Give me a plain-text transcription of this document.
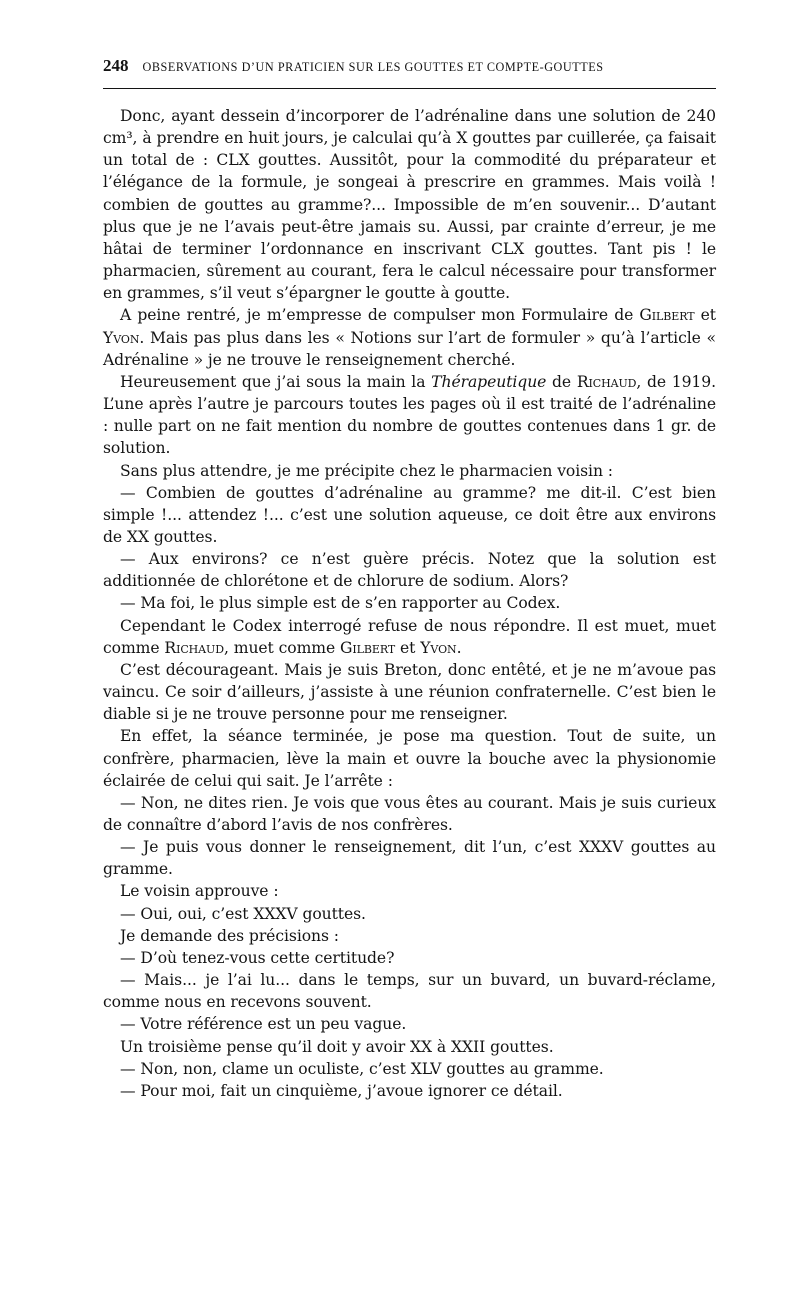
248 OBSERVATIONS D’UN PRATICIEN SUR LES GOUTTES ET COMPTE-GOUTTES

Donc, ayant dessein d’incorporer de l’adrénaline dans une solution de 240 cm³, à prendre en huit jours, je calculai qu’à X gouttes par cuillerée, ça faisait un total de : CLX gouttes. Aussitôt, pour la commodité du préparateur et l’élégance de la formule, je songeai à prescrire en grammes. Mais voilà ! combien de gouttes au gramme?... Impossible de m’en souvenir... D’autant plus que je ne l’avais peut-être jamais su. Aussi, par crainte d’erreur, je me hâtai de terminer l’ordonnance en inscrivant CLX gouttes. Tant pis ! le pharmacien, sûrement au courant, fera le calcul nécessaire pour transformer en grammes, s’il veut s’épargner le goutte à goutte.

A peine rentré, je m’empresse de compulser mon Formulaire de Gilbert et Yvon. Mais pas plus dans les « Notions sur l’art de formuler » qu’à l’article « Adrénaline » je ne trouve le renseignement cherché.

Heureusement que j’ai sous la main la Thérapeutique de Richaud, de 1919. L’une après l’autre je parcours toutes les pages où il est traité de l’adrénaline : nulle part on ne fait mention du nombre de gouttes contenues dans 1 gr. de solution.

Sans plus attendre, je me précipite chez le pharmacien voisin :

— Combien de gouttes d’adrénaline au gramme? me dit-il. C’est bien simple !... attendez !... c’est une solution aqueuse, ce doit être aux environs de XX gouttes.

— Aux environs? ce n’est guère précis. Notez que la solution est additionnée de chlorétone et de chlorure de sodium. Alors?

— Ma foi, le plus simple est de s’en rapporter au Codex.

Cependant le Codex interrogé refuse de nous répondre. Il est muet, muet comme Richaud, muet comme Gilbert et Yvon.

C’est décourageant. Mais je suis Breton, donc entêté, et je ne m’avoue pas vaincu. Ce soir d’ailleurs, j’assiste à une réunion confraternelle. C’est bien le diable si je ne trouve personne pour me renseigner.

En effet, la séance terminée, je pose ma question. Tout de suite, un confrère, pharmacien, lève la main et ouvre la bouche avec la physionomie éclairée de celui qui sait. Je l’arrête :

— Non, ne dites rien. Je vois que vous êtes au courant. Mais je suis curieux de connaître d’abord l’avis de nos confrères.

— Je puis vous donner le renseignement, dit l’un, c’est XXXV gouttes au gramme.

Le voisin approuve :

— Oui, oui, c’est XXXV gouttes.

Je demande des précisions :

— D’où tenez-vous cette certitude?

— Mais... je l’ai lu... dans le temps, sur un buvard, un buvard-réclame, comme nous en recevons souvent.

— Votre référence est un peu vague.

Un troisième pense qu’il doit y avoir XX à XXII gouttes.

— Non, non, clame un oculiste, c’est XLV gouttes au gramme.

— Pour moi, fait un cinquième, j’avoue ignorer ce détail.
